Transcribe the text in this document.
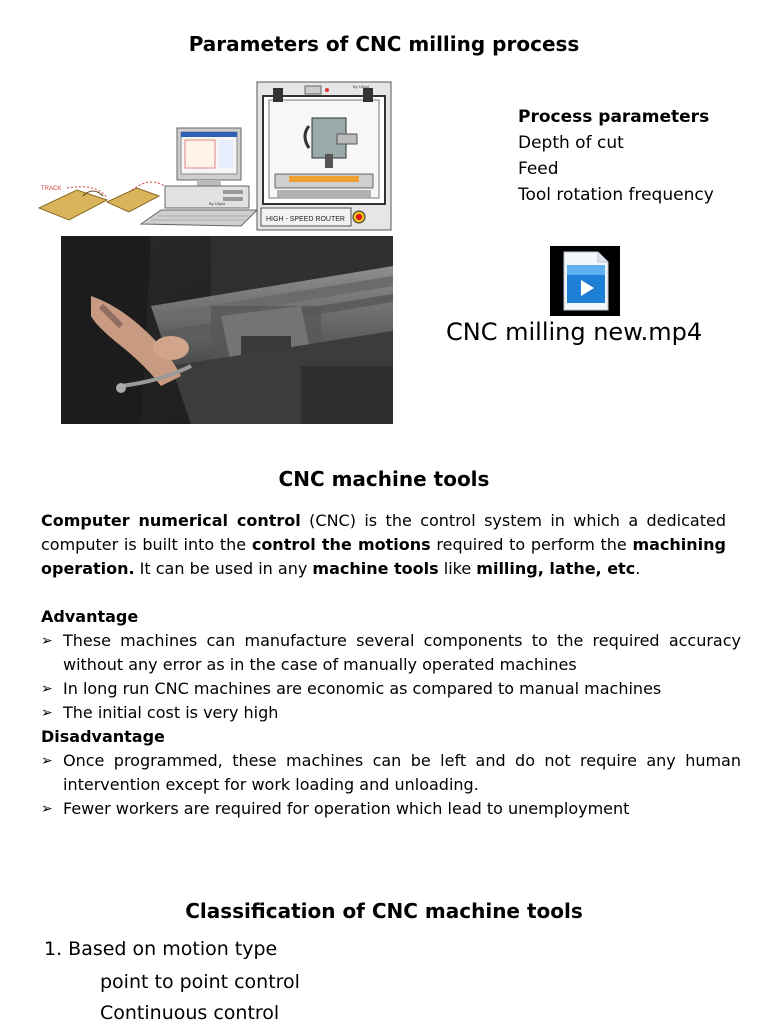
Parameters of CNC milling process
TRACK
By U5yst
By U5yst
HIGH - SPEED ROUTER
Process parameters
Depth of cut
Feed
Tool rotation frequency
CNC milling new.mp4
CNC machine tools
Computer numerical control (CNC) is the control system in which a dedicated computer is built into the control the motions required to perform the machining operation. It can be used in any machine tools like milling, lathe, etc.
Advantage
➢ These machines can manufacture several components to the required accuracy without any error as in the case of manually operated machines
➢ In long run CNC machines are economic as compared to manual machines
➢ The initial cost is very high
Disadvantage
➢ Once programmed, these machines can be left and do not require any human intervention except for work loading and unloading.
➢ Fewer workers are required for operation which lead to unemployment
Classification of CNC machine tools
1. Based on motion type
point to point control
Continuous control
